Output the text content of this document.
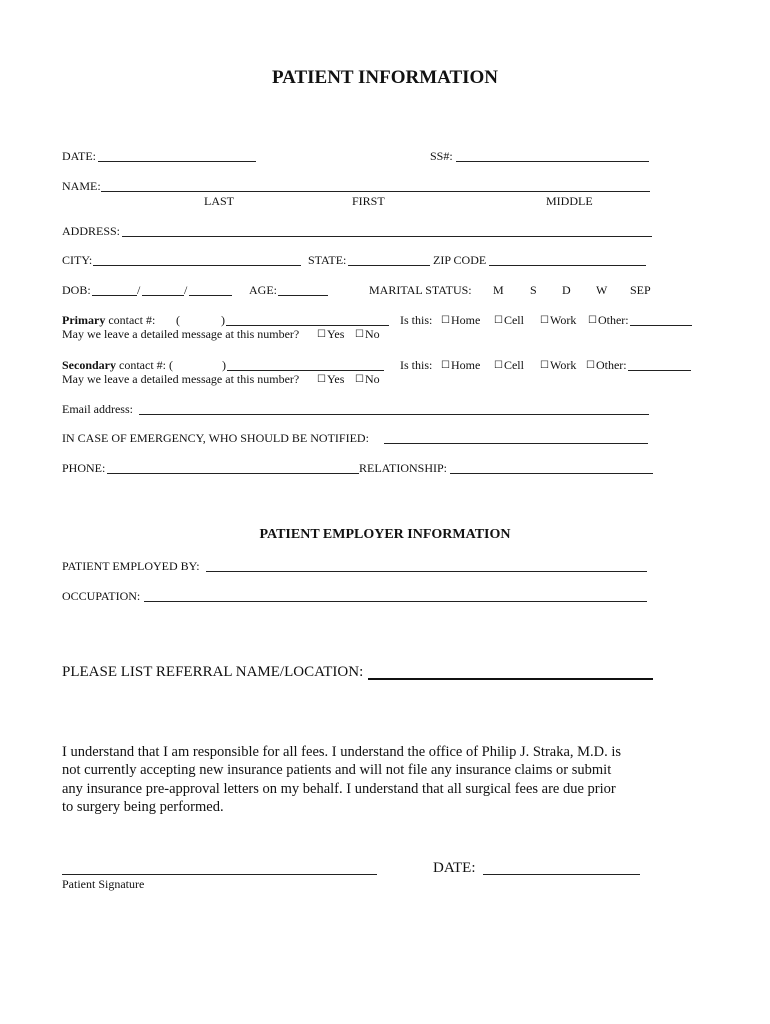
PATIENT INFORMATION
DATE:	SS#:
NAME:
LAST	FIRST	MIDDLE
ADDRESS:
CITY:	STATE:	ZIP CODE
DOB:	/	/	AGE:	MARITAL STATUS: M S D W SEP
Primary contact #: (	)	Is this: ☐Home ☐Cell ☐Work ☐Other:
May we leave a detailed message at this number? ☐Yes ☐No
Secondary contact #: (	)	Is this: ☐Home ☐Cell ☐Work ☐Other:
May we leave a detailed message at this number? ☐Yes ☐No
Email address:
IN CASE OF EMERGENCY, WHO SHOULD BE NOTIFIED:
PHONE:	RELATIONSHIP:
PATIENT EMPLOYER INFORMATION
PATIENT EMPLOYED BY:
OCCUPATION:
PLEASE LIST REFERRAL NAME/LOCATION:
I understand that I am responsible for all fees. I understand the office of Philip J. Straka, M.D. is
not currently accepting new insurance patients and will not file any insurance claims or submit
any insurance pre-approval letters on my behalf. I understand that all surgical fees are due prior
to surgery being performed.
Patient Signature
DATE:
